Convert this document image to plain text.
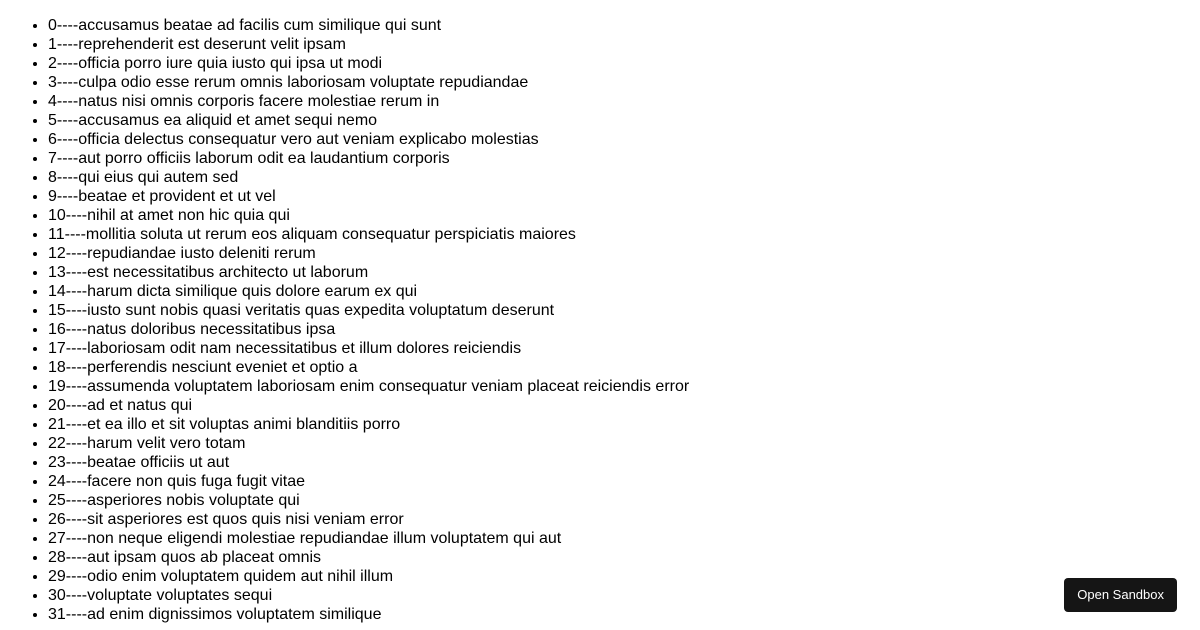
• 0----accusamus beatae ad facilis cum similique qui sunt
• 1----reprehenderit est deserunt velit ipsam
• 2----officia porro iure quia iusto qui ipsa ut modi
• 3----culpa odio esse rerum omnis laboriosam voluptate repudiandae
• 4----natus nisi omnis corporis facere molestiae rerum in
• 5----accusamus ea aliquid et amet sequi nemo
• 6----officia delectus consequatur vero aut veniam explicabo molestias
• 7----aut porro officiis laborum odit ea laudantium corporis
• 8----qui eius qui autem sed
• 9----beatae et provident et ut vel
• 10----nihil at amet non hic quia qui
• 11----mollitia soluta ut rerum eos aliquam consequatur perspiciatis maiores
• 12----repudiandae iusto deleniti rerum
• 13----est necessitatibus architecto ut laborum
• 14----harum dicta similique quis dolore earum ex qui
• 15----iusto sunt nobis quasi veritatis quas expedita voluptatum deserunt
• 16----natus doloribus necessitatibus ipsa
• 17----laboriosam odit nam necessitatibus et illum dolores reiciendis
• 18----perferendis nesciunt eveniet et optio a
• 19----assumenda voluptatem laboriosam enim consequatur veniam placeat reiciendis error
• 20----ad et natus qui
• 21----et ea illo et sit voluptas animi blanditiis porro
• 22----harum velit vero totam
• 23----beatae officiis ut aut
• 24----facere non quis fuga fugit vitae
• 25----asperiores nobis voluptate qui
• 26----sit asperiores est quos quis nisi veniam error
• 27----non neque eligendi molestiae repudiandae illum voluptatem qui aut
• 28----aut ipsam quos ab placeat omnis
• 29----odio enim voluptatem quidem aut nihil illum
• 30----voluptate voluptates sequi
• 31----ad enim dignissimos voluptatem similique
Open Sandbox
